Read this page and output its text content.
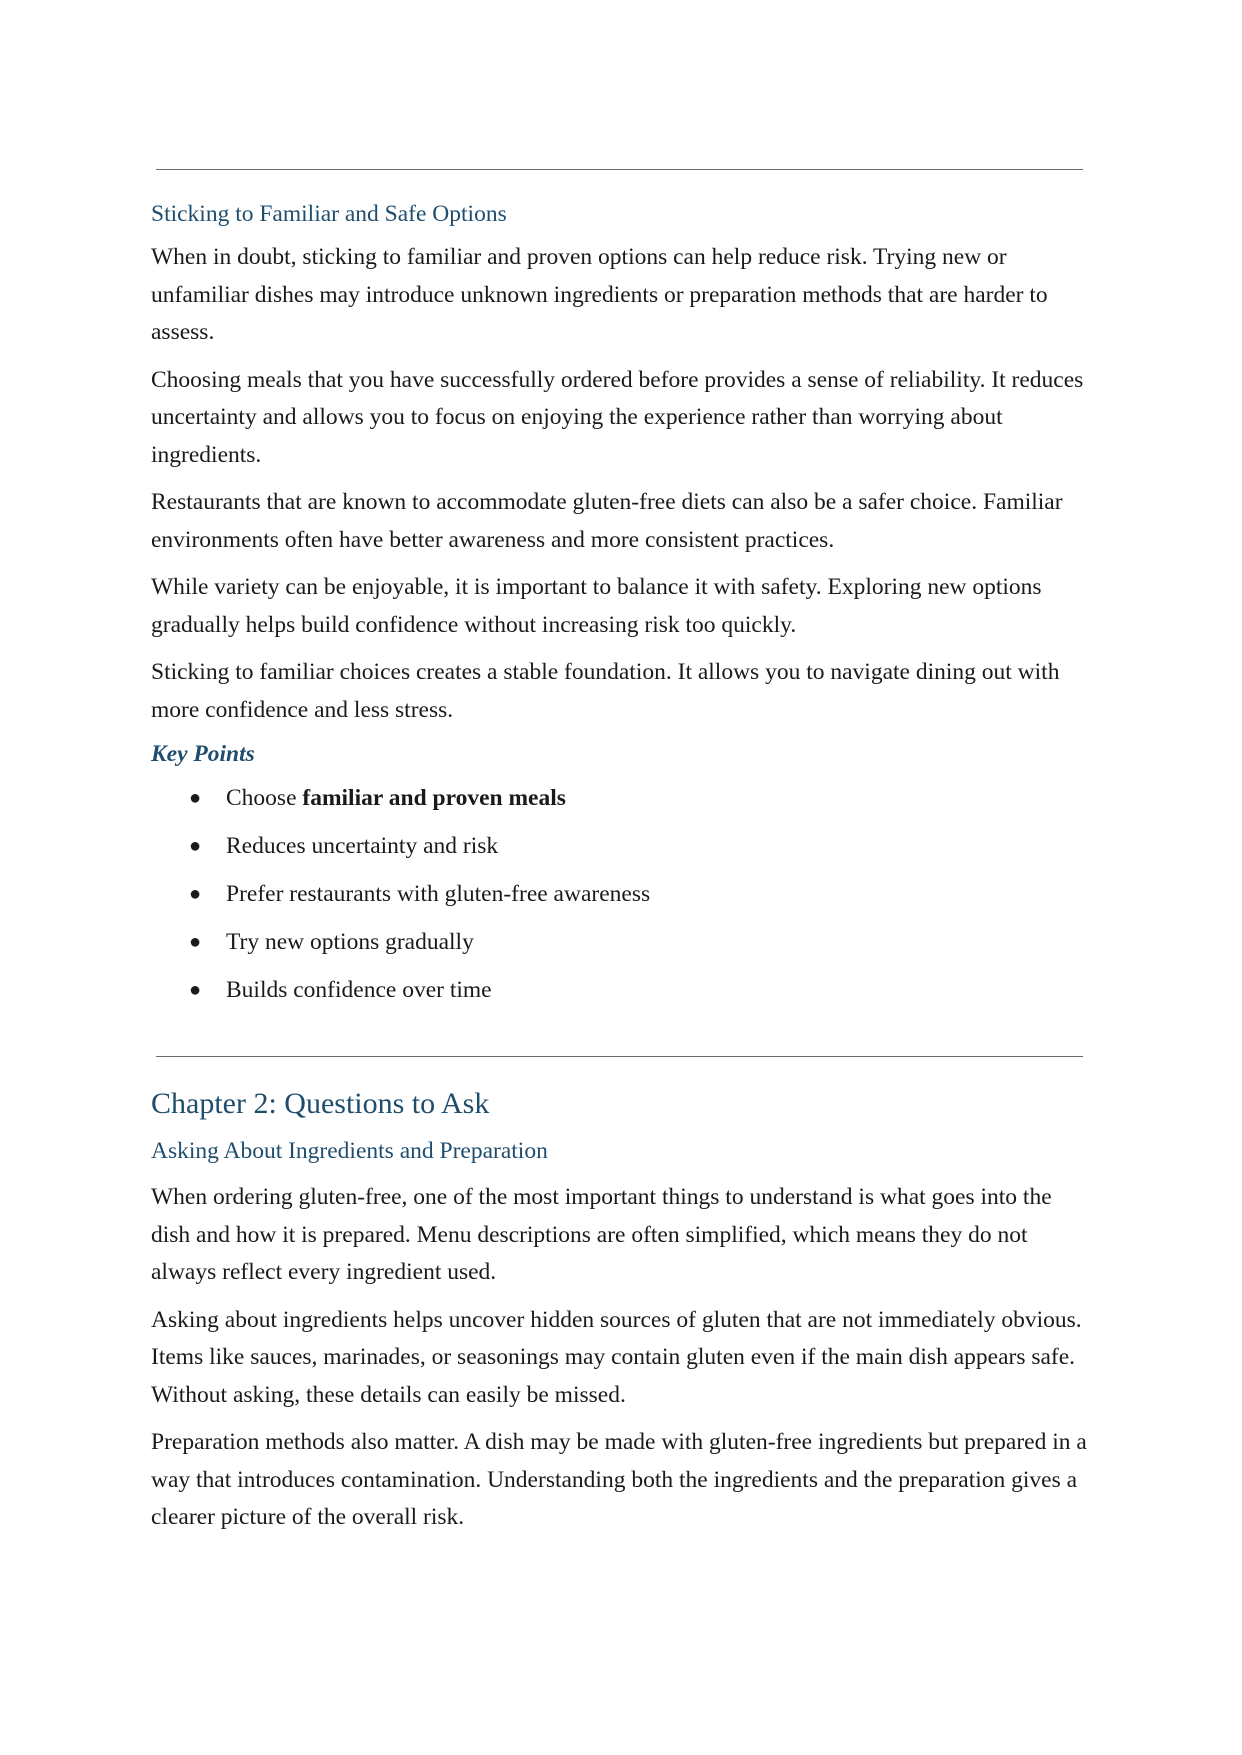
Sticking to Familiar and Safe Options

When in doubt, sticking to familiar and proven options can help reduce risk. Trying new or unfamiliar dishes may introduce unknown ingredients or preparation methods that are harder to assess.

Choosing meals that you have successfully ordered before provides a sense of reliability. It reduces uncertainty and allows you to focus on enjoying the experience rather than worrying about ingredients.

Restaurants that are known to accommodate gluten-free diets can also be a safer choice. Familiar environments often have better awareness and more consistent practices.

While variety can be enjoyable, it is important to balance it with safety. Exploring new options gradually helps build confidence without increasing risk too quickly.

Sticking to familiar choices creates a stable foundation. It allows you to navigate dining out with more confidence and less stress.

Key Points
● Choose familiar and proven meals
● Reduces uncertainty and risk
● Prefer restaurants with gluten-free awareness
● Try new options gradually
● Builds confidence over time
Chapter 2: Questions to Ask
Asking About Ingredients and Preparation

When ordering gluten-free, one of the most important things to understand is what goes into the dish and how it is prepared. Menu descriptions are often simplified, which means they do not always reflect every ingredient used.

Asking about ingredients helps uncover hidden sources of gluten that are not immediately obvious. Items like sauces, marinades, or seasonings may contain gluten even if the main dish appears safe. Without asking, these details can easily be missed.

Preparation methods also matter. A dish may be made with gluten-free ingredients but prepared in a way that introduces contamination. Understanding both the ingredients and the preparation gives a clearer picture of the overall risk.
